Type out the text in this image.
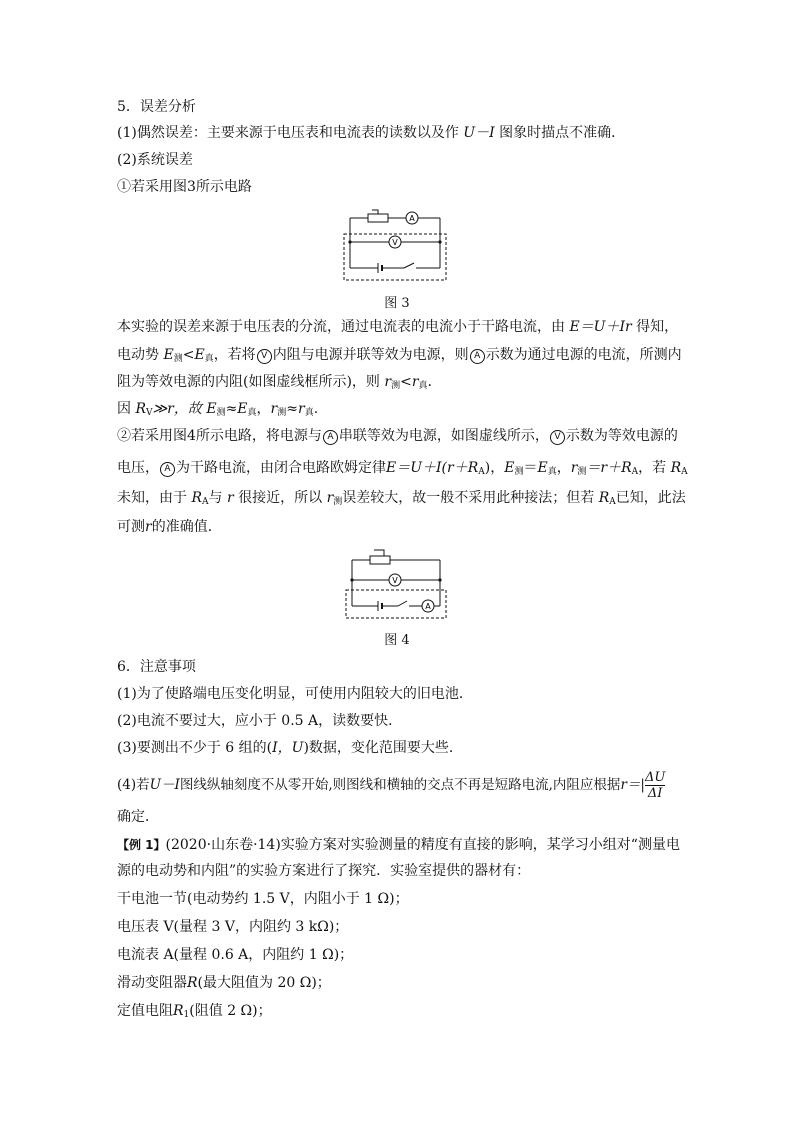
5．误差分析
(1)偶然误差：主要来源于电压表和电流表的读数以及作 U－I 图象时描点不准确．
(2)系统误差
①若采用图3所示电路
A
V
图 3
本实验的误差来源于电压表的分流，通过电流表的电流小于干路电流，由 E＝U＋Ir 得知，
电动势 $E_测<E_真$，若将 V 内阻与电源并联等效为电源，则 A 示数为通过电源的电流，所测内
阻为等效电源的内阻(如图虚线框所示)，则 $r_测<r_真$．
因 $R_V≫r$，故 $E_测\approx E_真$，$r_测\approx r_真$.
②若采用图4所示电路，将电源与 A 串联等效为电源，如图虚线所示， V 示数为等效电源的
电压， A 为干路电流，由闭合电路欧姆定律$E=U+I(r+R_A)$，$E_测=E_真$，$r_测=r+R_A$，若 $R_A$
未知，由于 $R_A$与 r 很接近，所以 $r_测$误差较大，故一般不采用此种接法；但若 $R_A$已知，此法
可测r的准确值．
V
A
图 4
6．注意事项
(1)为了使路端电压变化明显，可使用内阻较大的旧电池．
(2)电流不要过大，应小于 0.5 A，读数要快．
(3)要测出不少于 6 组的(I，U)数据，变化范围要大些．
(4)若U－I图线纵轴刻度不从零开始,则图线和横轴的交点不再是短路电流,内阻应根据$r=| \frac{\Delta U}{\Delta I}$
确定．
【例 1】(2020·山东卷·14)实验方案对实验测量的精度有直接的影响，某学习小组对“测量电
源的电动势和内阻”的实验方案进行了探究．实验室提供的器材有：
干电池一节(电动势约 1.5 V，内阻小于 1 Ω)；
电压表 V(量程 3 V，内阻约 3 kΩ)；
电流表 A(量程 0.6 A，内阻约 1 Ω)；
滑动变阻器R(最大阻值为 20 Ω)；
定值电阻$R_1$(阻值 2 Ω)；
